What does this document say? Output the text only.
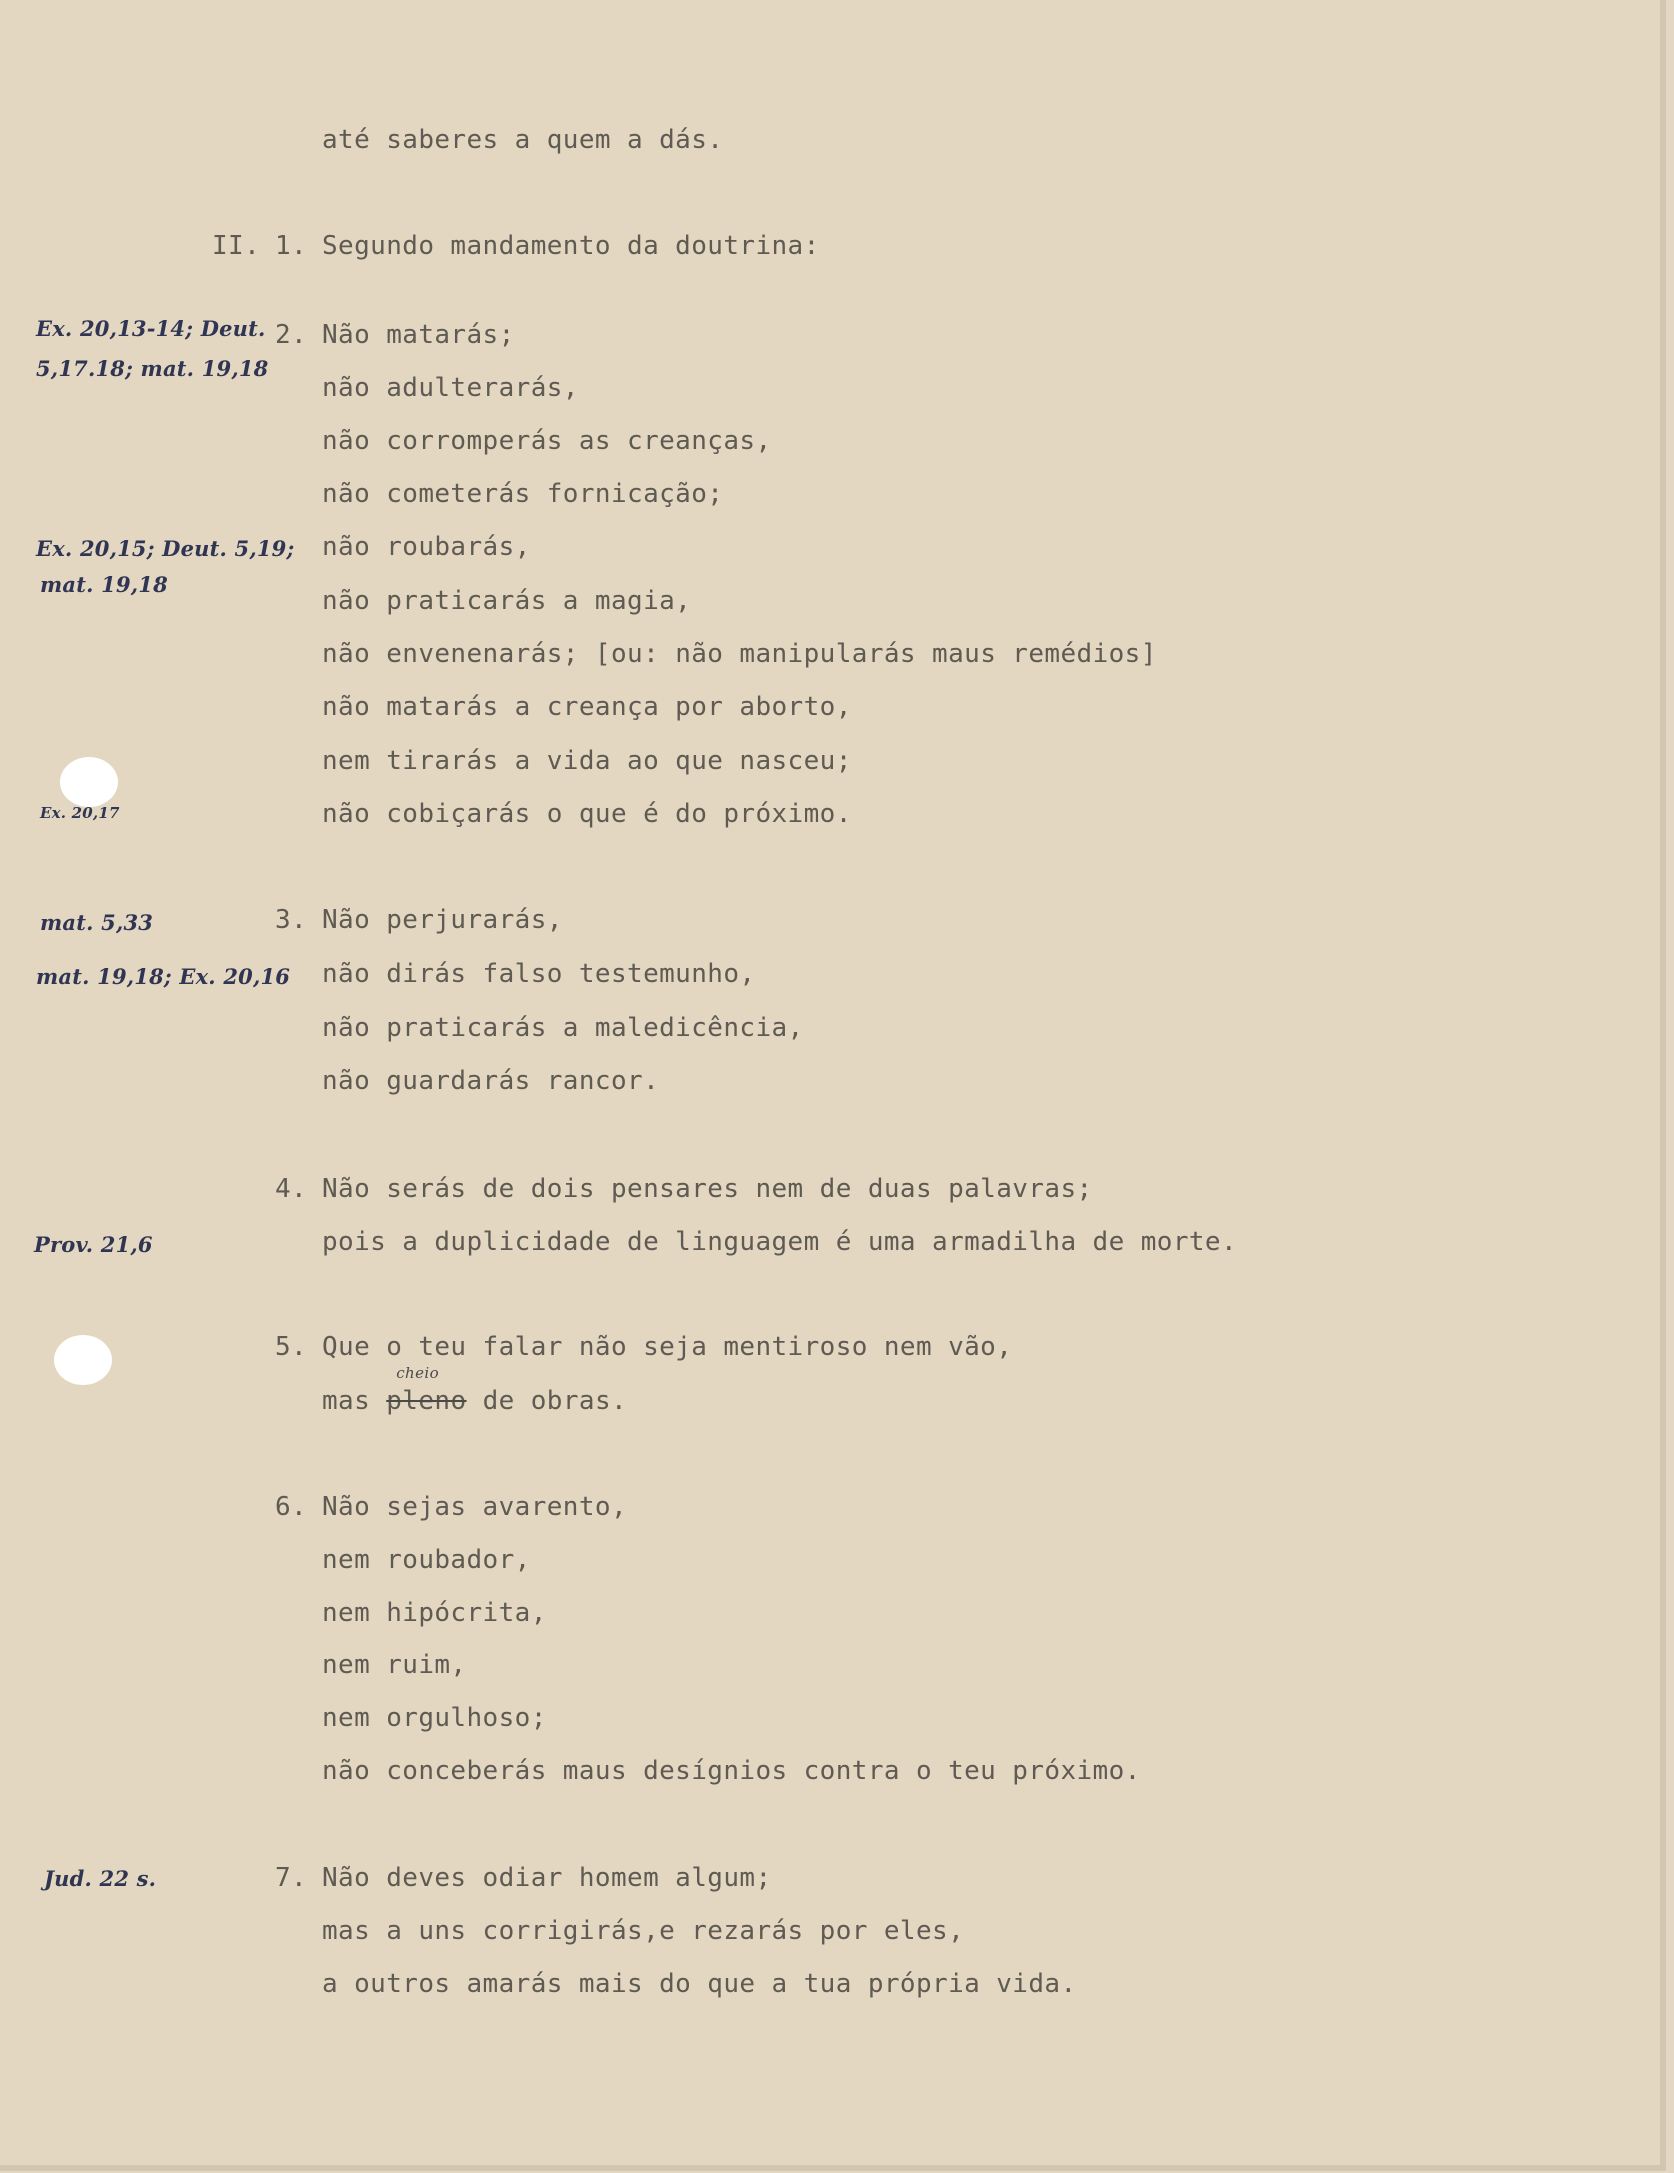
Ex. 20,13-14; Deut.
5,17.18; mat. 19,18
Ex. 20,15; Deut. 5,19;
mat. 19,18
Ex. 20,17
mat. 5,33
mat. 19,18; Ex. 20,16
Prov. 21,6
Jud. 22 s.
até saberes a quem a dás.
II. 1. Segundo mandamento da doutrina:
2. Não matarás;
não adulterarás,
não corromperás as creanças,
não cometerás fornicação;
não roubarás,
não praticarás a magia,
não envenenarás; [ou: não manipularás maus remédios]
não matarás a creança por aborto,
nem tirarás a vida ao que nasceu;
não cobiçarás o que é do próximo.
3. Não perjurarás,
não dirás falso testemunho,
não praticarás a maledicência,
não guardarás rancor.
4. Não serás de dois pensares nem de duas palavras;
pois a duplicidade de linguagem é uma armadilha de morte.
5. Que o teu falar não seja mentiroso nem vão,
mas
cheio
pleno de obras.
6. Não sejas avarento,
nem roubador,
nem hipócrita,
nem ruim,
nem orgulhoso;
não conceberás maus desígnios contra o teu próximo.
7. Não deves odiar homem algum;
mas a uns corrigirás,e rezarás por eles,
a outros amarás mais do que a tua própria vida.
